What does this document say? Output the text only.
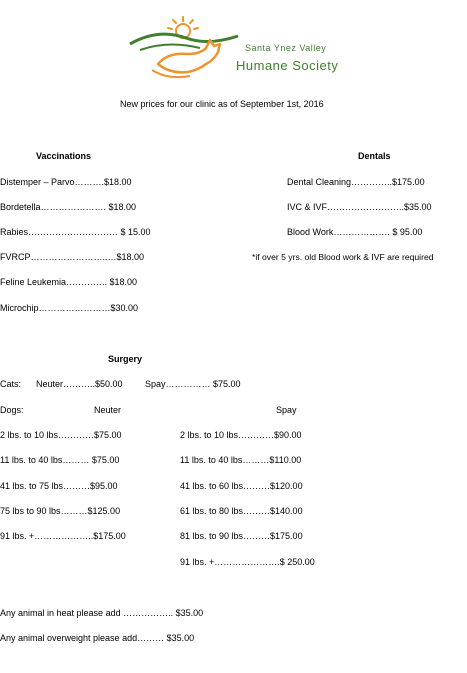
Santa Ynez Valley
Humane Society
New prices for our clinic as of September 1st, 2016
Vaccinations
Distemper – Parvo……….$18.00
Bordetella…………………. $18.00
Rabies………………………… $ 15.00
FVRCP……………………..…$18.00
Feline Leukemia………….. $18.00
Microchip……………………$30.00
Dentals
Dental Cleaning…………..$175.00
IVC & IVF……………………..$35.00
Blood Work………………. $ 95.00
*if over 5 yrs. old Blood work & IVF are required
Surgery
Cats: Neuter………..$50.00 Spay…………… $75.00
Dogs:	Neuter	Spay
2 lbs. to 10 lbs…………$75.00
11 lbs. to 40 lbs……… $75.00
41 lbs. to 75 lbs………$95.00
75 lbs to 90 lbs………$125.00
91 lbs. +………………..$175.00
2 lbs. to 10 lbs…………$90.00
11 lbs. to 40 lbs………$110.00
41 lbs. to 60 lbs………$120.00
61 lbs. to 80 lbs………$140.00
81 lbs. to 90 lbs………$175.00
91 lbs. +………………….$ 250.00
Any animal in heat please add …………….. $35.00
Any animal overweight please add……… $35.00
